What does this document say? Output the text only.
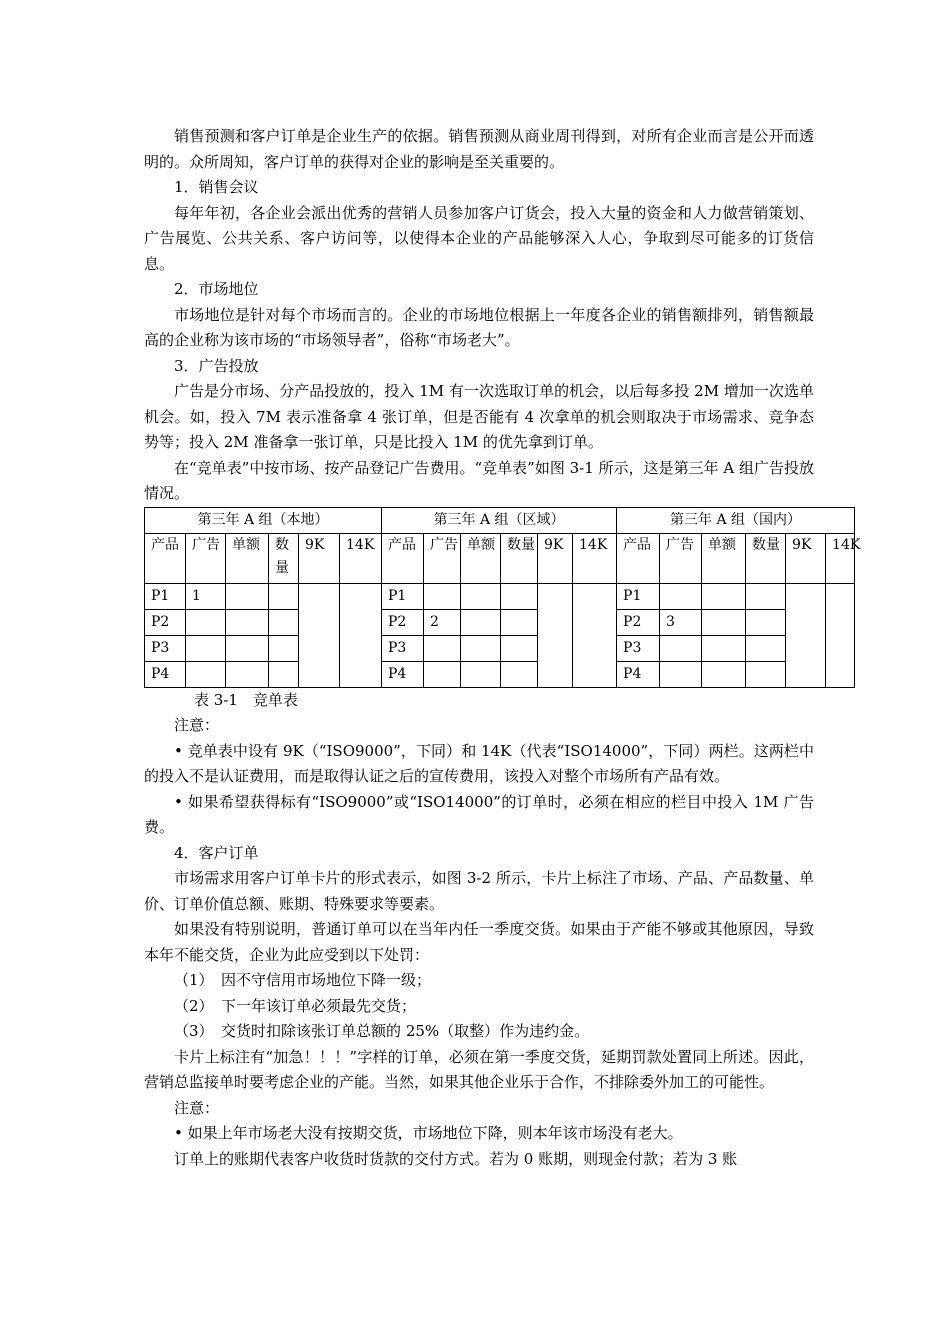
销售预测和客户订单是企业生产的依据。销售预测从商业周刊得到，对所有企业而言是公开而透明的。众所周知，客户订单的获得对企业的影响是至关重要的。

1．销售会议

每年年初，各企业会派出优秀的营销人员参加客户订货会，投入大量的资金和人力做营销策划、广告展览、公共关系、客户访问等，以使得本企业的产品能够深入人心，争取到尽可能多的订货信息。

2．市场地位

市场地位是针对每个市场而言的。企业的市场地位根据上一年度各企业的销售额排列，销售额最高的企业称为该市场的“市场领导者”，俗称“市场老大”。

3．广告投放

广告是分市场、分产品投放的，投入 1M 有一次选取订单的机会，以后每多投 2M 增加一次选单机会。如，投入 7M 表示准备拿 4 张订单，但是否能有 4 次拿单的机会则取决于市场需求、竞争态势等；投入 2M 准备拿一张订单，只是比投入 1M 的优先拿到订单。

在“竞单表”中按市场、按产品登记广告费用。“竞单表”如图 3-1 所示，这是第三年 A 组广告投放情况。

第三年 A 组（本地）						第三年 A 组（区域）						第三年 A 组（国内）					
产品	广告	单额	数量	9K	14K	产品	广告	单额	数量	9K	14K	产品	广告	单额	数量	9K	14K
P1	1					P1						P1					
P2						P2	2					P2	3				
P3						P3						P3					
P4						P4						P4					

表 3-1　竞单表

注意：

• 竞单表中设有 9K（“ISO9000”，下同）和 14K（代表“ISO14000”，下同）两栏。这两栏中的投入不是认证费用，而是取得认证之后的宣传费用，该投入对整个市场所有产品有效。

• 如果希望获得标有“ISO9000”或“ISO14000”的订单时，必须在相应的栏目中投入 1M 广告费。

4．客户订单

市场需求用客户订单卡片的形式表示，如图 3-2 所示，卡片上标注了市场、产品、产品数量、单价、订单价值总额、账期、特殊要求等要素。

如果没有特别说明，普通订单可以在当年内任一季度交货。如果由于产能不够或其他原因，导致本年不能交货，企业为此应受到以下处罚：

（1）　因不守信用市场地位下降一级；

（2）　下一年该订单必须最先交货；

（3）　交货时扣除该张订单总额的 25%（取整）作为违约金。

卡片上标注有“加急！！！”字样的订单，必须在第一季度交货，延期罚款处置同上所述。因此，营销总监接单时要考虑企业的产能。当然，如果其他企业乐于合作，不排除委外加工的可能性。

注意：

• 如果上年市场老大没有按期交货，市场地位下降，则本年该市场没有老大。

订单上的账期代表客户收货时货款的交付方式。若为 0 账期，则现金付款；若为 3 账
